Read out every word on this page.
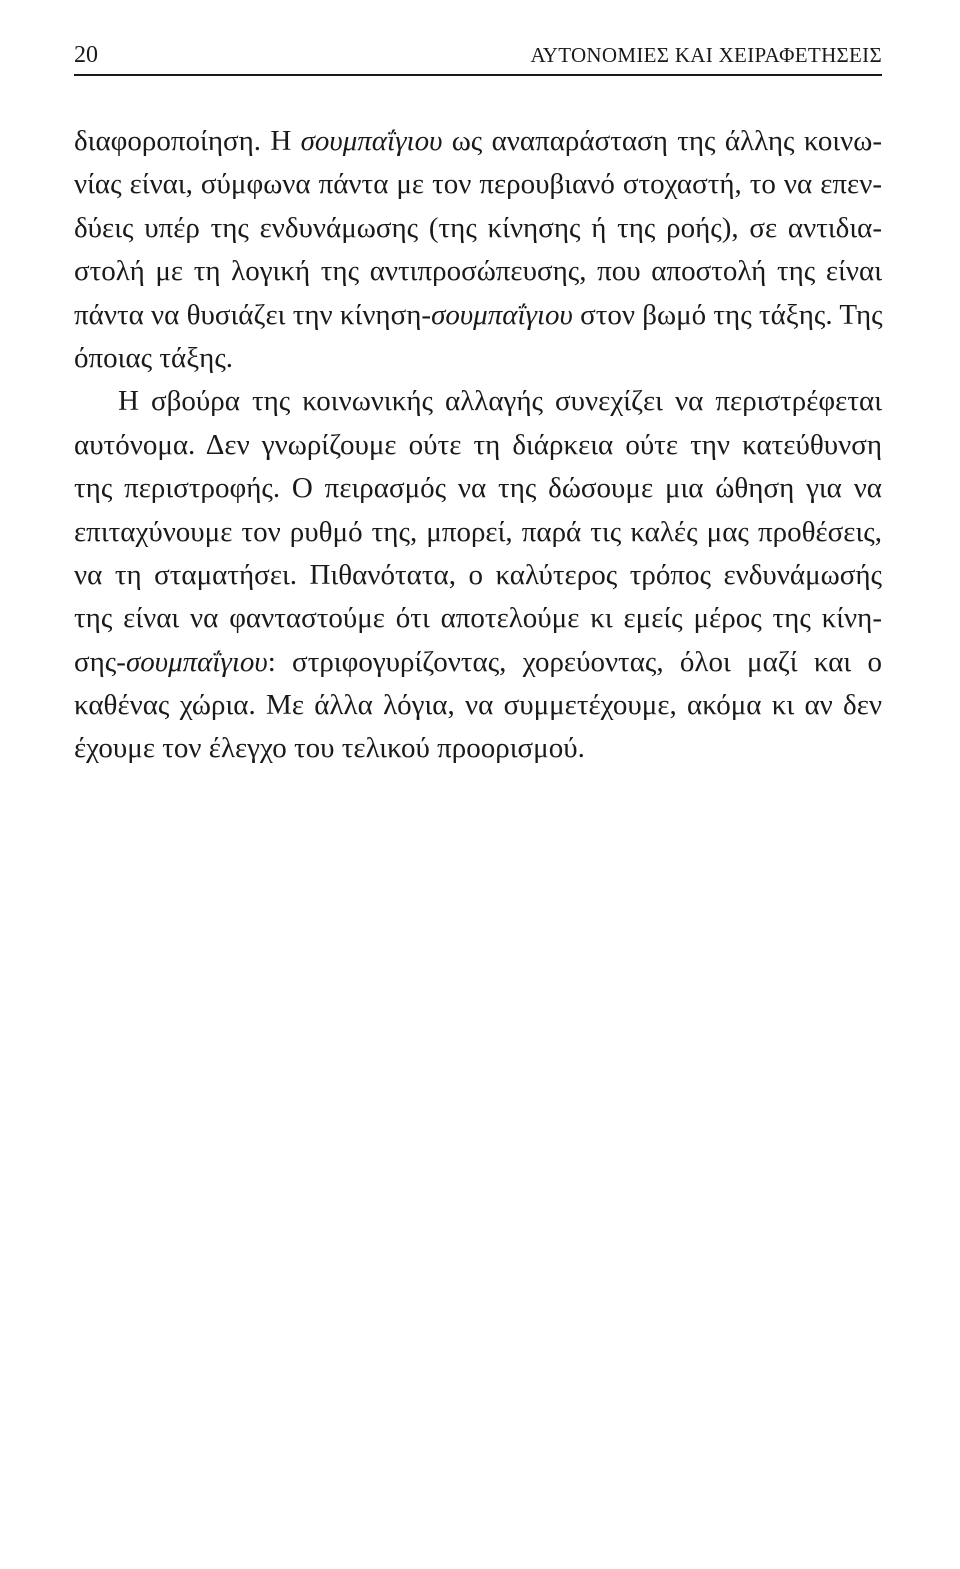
20	ΑΥΤΟΝΟΜΙΕΣ ΚΑΙ ΧΕΙΡΑΦΕΤΗΣΕΙΣ
διαφοροποίηση. Η σουμπαΐγιου ως αναπαράσταση της άλλης κοινω-
νίας είναι, σύμφωνα πάντα με τον περουβιανό στοχαστή, το να επεν-
δύεις υπέρ της ενδυνάμωσης (της κίνησης ή της ροής), σε αντιδια-
στολή με τη λογική της αντιπροσώπευσης, που αποστολή της είναι
πάντα να θυσιάζει την κίνηση-σουμπαΐγιου στον βωμό της τάξης. Της
όποιας τάξης.
Η σβούρα της κοινωνικής αλλαγής συνεχίζει να περιστρέφεται
αυτόνομα. Δεν γνωρίζουμε ούτε τη διάρκεια ούτε την κατεύθυνση
της περιστροφής. Ο πειρασμός να της δώσουμε μια ώθηση για να
επιταχύνουμε τον ρυθμό της, μπορεί, παρά τις καλές μας προθέσεις,
να τη σταματήσει. Πιθανότατα, ο καλύτερος τρόπος ενδυνάμωσής
της είναι να φανταστούμε ότι αποτελούμε κι εμείς μέρος της κίνη-
σης-σουμπαΐγιου: στριφογυρίζοντας, χορεύοντας, όλοι μαζί και ο
καθένας χώρια. Με άλλα λόγια, να συμμετέχουμε, ακόμα κι αν δεν
έχουμε τον έλεγχο του τελικού προορισμού.
